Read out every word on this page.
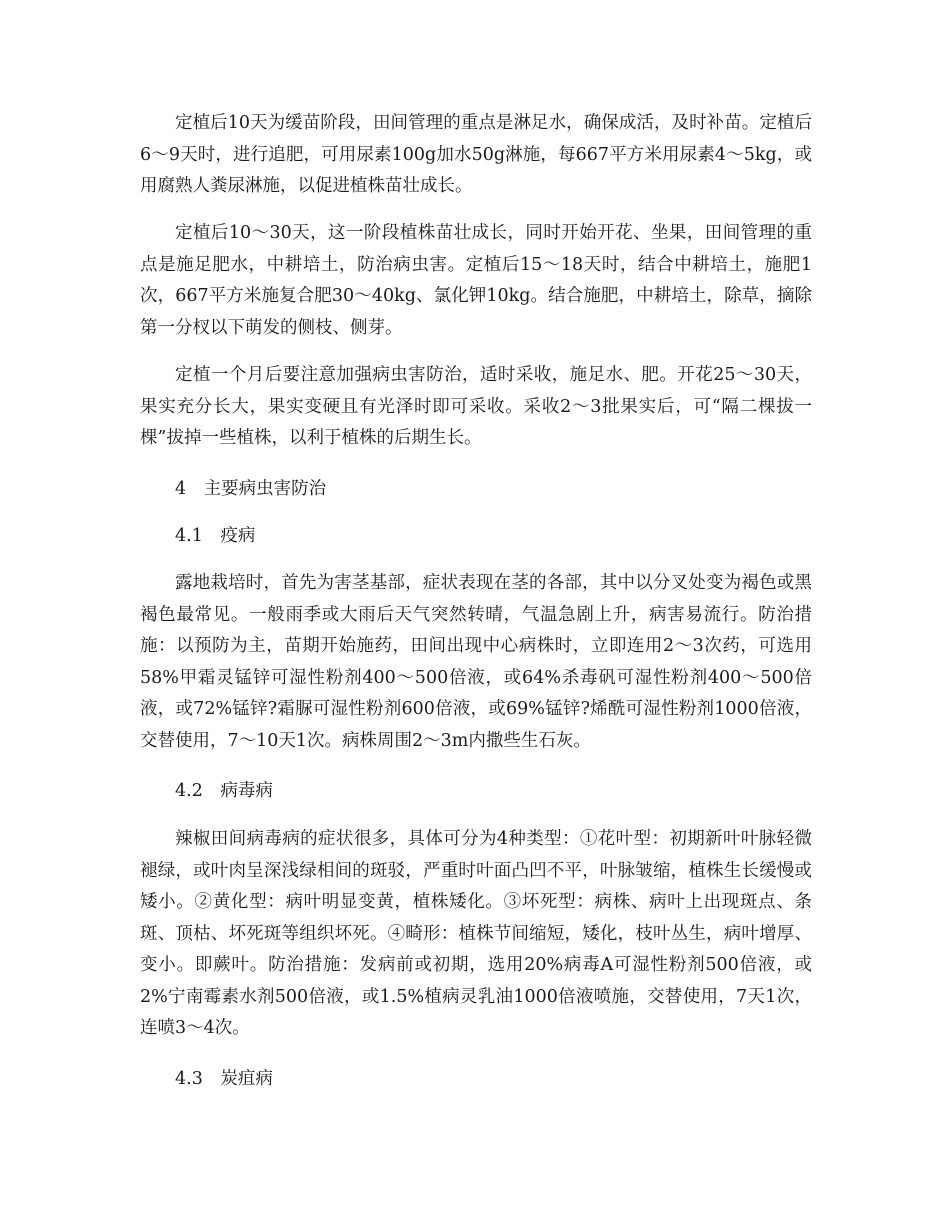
定植后10天为缓苗阶段，田间管理的重点是淋足水，确保成活，及时补苗。定植后6～9天时，进行追肥，可用尿素100g加水50g淋施，每667平方米用尿素4～5kg，或用腐熟人粪尿淋施，以促进植株苗壮成长。

定植后10～30天，这一阶段植株苗壮成长，同时开始开花、坐果，田间管理的重点是施足肥水，中耕培土，防治病虫害。定植后15～18天时，结合中耕培土，施肥1次，667平方米施复合肥30～40kg、氯化钾10kg。结合施肥，中耕培土，除草，摘除第一分杈以下萌发的侧枝、侧芽。

定植一个月后要注意加强病虫害防治，适时采收，施足水、肥。开花25～30天，果实充分长大，果实变硬且有光泽时即可采收。采收2～3批果实后，可“隔二棵拔一棵”拔掉一些植株，以利于植株的后期生长。

4　主要病虫害防治

4.1　疫病

露地栽培时，首先为害茎基部，症状表现在茎的各部，其中以分叉处变为褐色或黑褐色最常见。一般雨季或大雨后天气突然转晴，气温急剧上升，病害易流行。防治措施：以预防为主，苗期开始施药，田间出现中心病株时，立即连用2～3次药，可选用58%甲霜灵锰锌可湿性粉剂400～500倍液，或64%杀毒矾可湿性粉剂400～500倍液，或72%锰锌?霜脲可湿性粉剂600倍液，或69%锰锌?烯酰可湿性粉剂1000倍液，交替使用，7～10天1次。病株周围2～3m内撒些生石灰。

4.2　病毒病

辣椒田间病毒病的症状很多，具体可分为4种类型：①花叶型：初期新叶叶脉轻微褪绿，或叶肉呈深浅绿相间的斑驳，严重时叶面凸凹不平，叶脉皱缩，植株生长缓慢或矮小。②黄化型：病叶明显变黄，植株矮化。③坏死型：病株、病叶上出现斑点、条斑、顶枯、坏死斑等组织坏死。④畸形：植株节间缩短，矮化，枝叶丛生，病叶增厚、变小。即蕨叶。防治措施：发病前或初期，选用20%病毒A可湿性粉剂500倍液，或2%宁南霉素水剂500倍液，或1.5%植病灵乳油1000倍液喷施，交替使用，7天1次，连喷3～4次。

4.3　炭疽病
